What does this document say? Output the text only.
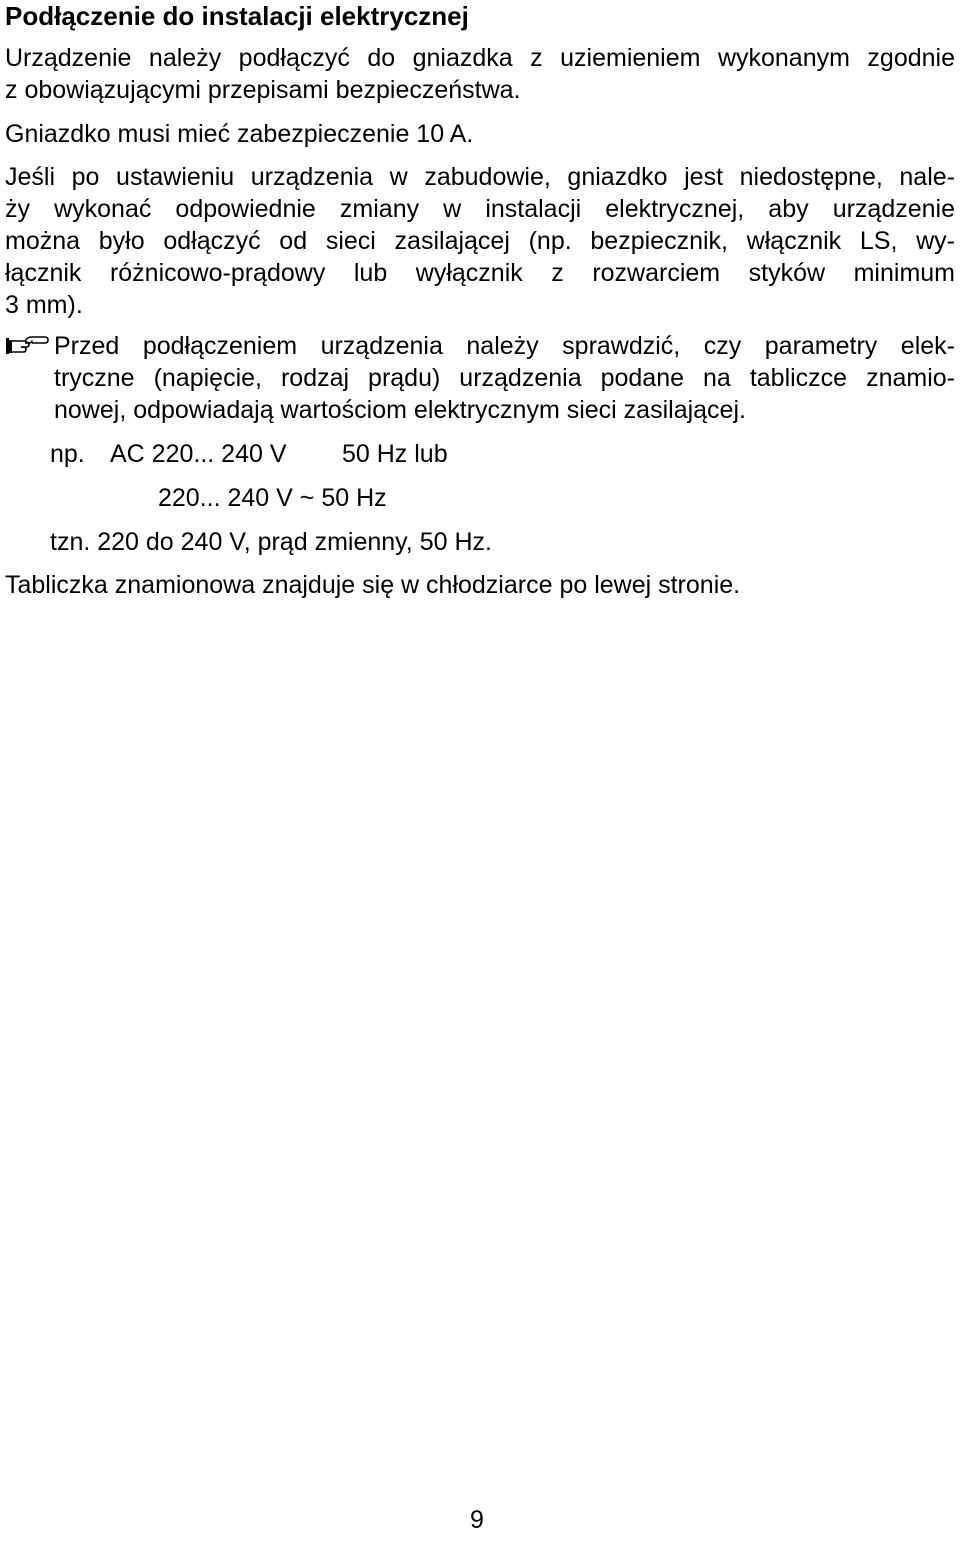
Podłączenie do instalacji elektrycznej

Urządzenie należy podłączyć do gniazdka z uziemieniem wykonanym zgodnie
z obowiązującymi przepisami bezpieczeństwa.

Gniazdko musi mieć zabezpieczenie 10 A.

Jeśli po ustawieniu urządzenia w zabudowie, gniazdko jest niedostępne, nale-
ży wykonać odpowiednie zmiany w instalacji elektrycznej, aby urządzenie
można było odłączyć od sieci zasilającej (np. bezpiecznik, włącznik LS, wy-
łącznik różnicowo-prądowy lub wyłącznik z rozwarciem styków minimum
3 mm).

Przed podłączeniem urządzenia należy sprawdzić, czy parametry elek-
tryczne (napięcie, rodzaj prądu) urządzenia podane na tabliczce znamio-
nowej, odpowiadają wartościom elektrycznym sieci zasilającej.
np. AC 220... 240 V 50 Hz lub
220... 240 V ~ 50 Hz
tzn. 220 do 240 V, prąd zmienny, 50 Hz.

Tabliczka znamionowa znajduje się w chłodziarce po lewej stronie.

9
